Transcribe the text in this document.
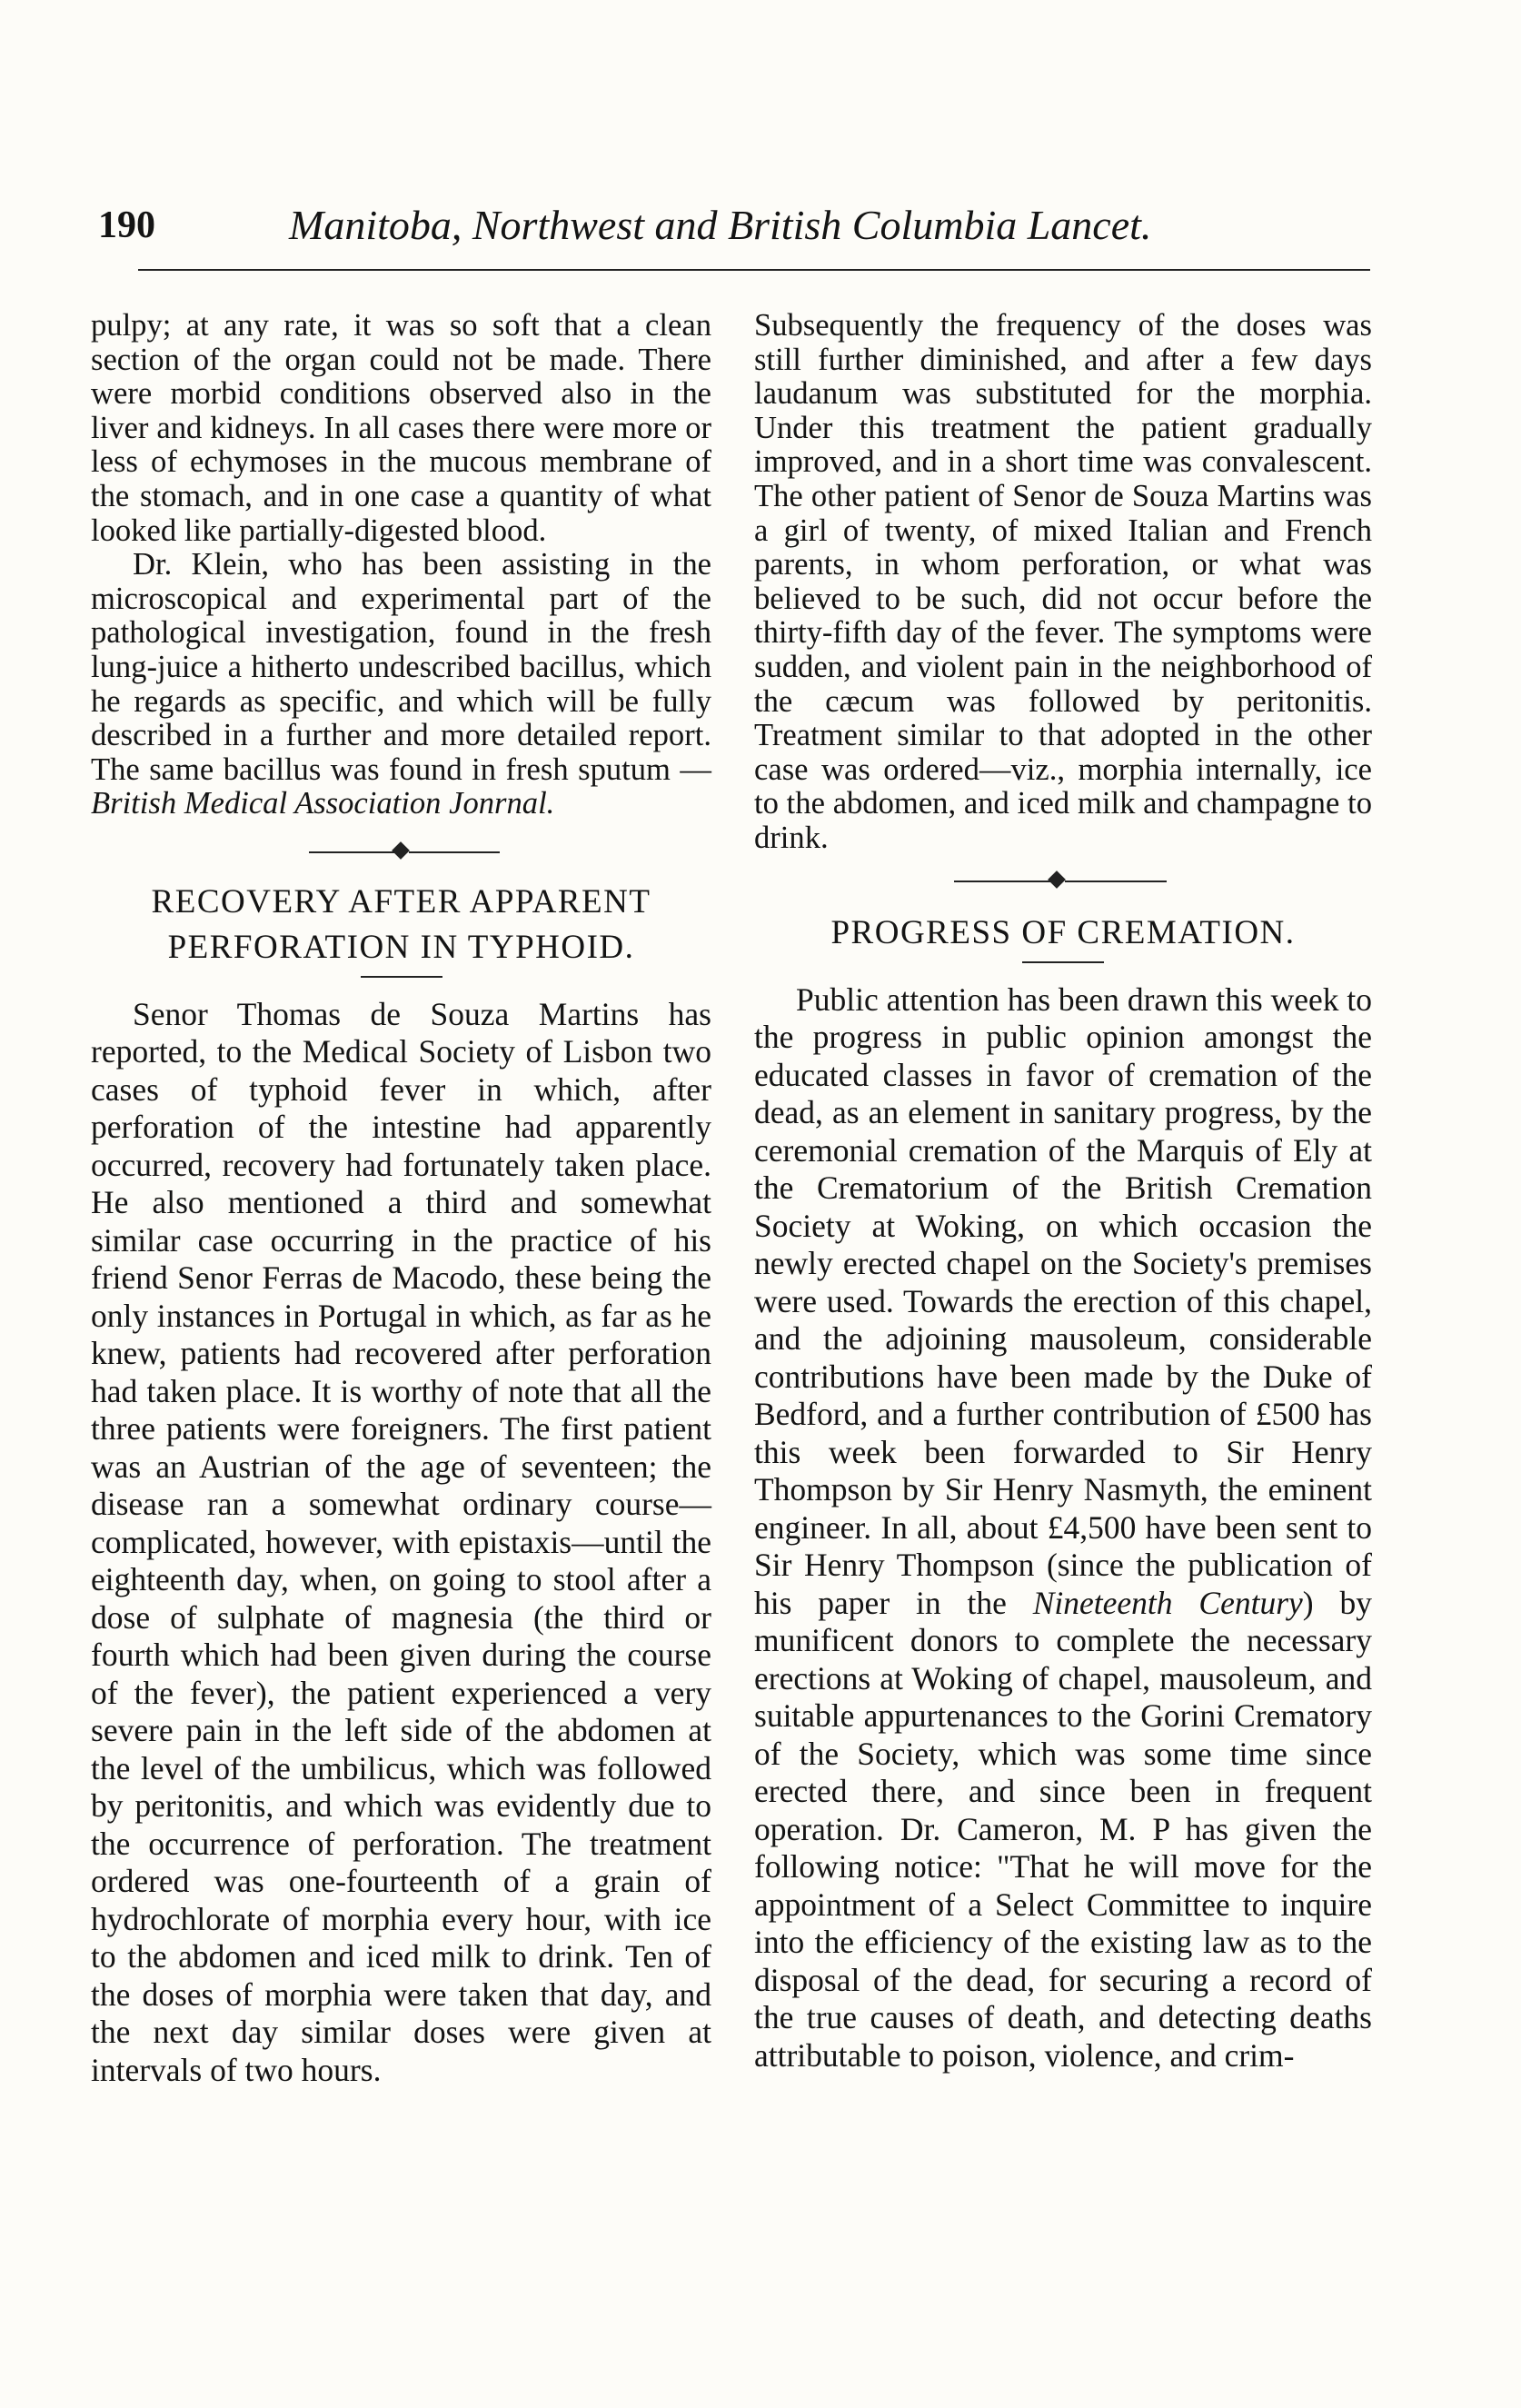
190	Manitoba, Northwest and British Columbia Lancet.

pulpy; at any rate, it was so soft that a clean section of the organ could not be made. There were morbid conditions observed also in the liver and kidneys. In all cases there were more or less of echymoses in the mucous membrane of the stomach, and in one case a quantity of what looked like partially-digested blood.

Dr. Klein, who has been assisting in the microscopical and experimental part of the pathological investigation, found in the fresh lung-juice a hitherto undescribed bacillus, which he regards as specific, and which will be fully described in a further and more detailed report. The same bacillus was found in fresh sputum —British Medical Association Jonrnal.

RECOVERY AFTER APPARENT PERFORATION IN TYPHOID.

Senor Thomas de Souza Martins has reported, to the Medical Society of Lisbon two cases of typhoid fever in which, after perforation of the intestine had apparently occurred, recovery had fortunately taken place. He also mentioned a third and somewhat similar case occurring in the practice of his friend Senor Ferras de Macodo, these being the only instances in Portugal in which, as far as he knew, patients had recovered after perforation had taken place. It is worthy of note that all the three patients were foreigners. The first patient was an Austrian of the age of seventeen; the disease ran a somewhat ordinary course—complicated, however, with epistaxis—until the eighteenth day, when, on going to stool after a dose of sulphate of magnesia (the third or fourth which had been given during the course of the fever), the patient experienced a very severe pain in the left side of the abdomen at the level of the umbilicus, which was followed by peritonitis, and which was evidently due to the occurrence of perforation. The treatment ordered was one-fourteenth of a grain of hydrochlorate of morphia every hour, with ice to the abdomen and iced milk to drink. Ten of the doses of morphia were taken that day, and the next day similar doses were given at intervals of two hours.

Subsequently the frequency of the doses was still further diminished, and after a few days laudanum was substituted for the morphia. Under this treatment the patient gradually improved, and in a short time was convalescent. The other patient of Senor de Souza Martins was a girl of twenty, of mixed Italian and French parents, in whom perforation, or what was believed to be such, did not occur before the thirty-fifth day of the fever. The symptoms were sudden, and violent pain in the neighborhood of the cæcum was followed by peritonitis. Treatment similar to that adopted in the other case was ordered—viz., morphia internally, ice to the abdomen, and iced milk and champagne to drink.

PROGRESS OF CREMATION.

Public attention has been drawn this week to the progress in public opinion amongst the educated classes in favor of cremation of the dead, as an element in sanitary progress, by the ceremonial cremation of the Marquis of Ely at the Crematorium of the British Cremation Society at Woking, on which occasion the newly erected chapel on the Society's premises were used. Towards the erection of this chapel, and the adjoining mausoleum, considerable contributions have been made by the Duke of Bedford, and a further contribution of £500 has this week been forwarded to Sir Henry Thompson by Sir Henry Nasmyth, the eminent engineer. In all, about £4,500 have been sent to Sir Henry Thompson (since the publication of his paper in the Nineteenth Century) by munificent donors to complete the necessary erections at Woking of chapel, mausoleum, and suitable appurtenances to the Gorini Crematory of the Society, which was some time since erected there, and since been in frequent operation. Dr. Cameron, M. P has given the following notice: "That he will move for the appointment of a Select Committee to inquire into the efficiency of the existing law as to the disposal of the dead, for securing a record of the true causes of death, and detecting deaths attributable to poison, violence, and crim-
